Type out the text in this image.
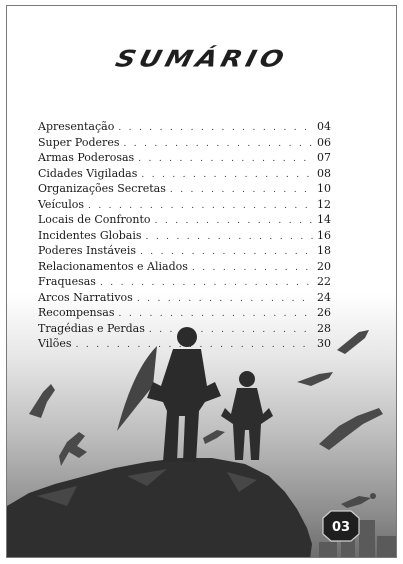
SUMÁRIO
Apresentação . . .	04
Super Poderes . . .	06
Armas Poderosas . . .	07
Cidades Vigiladas . . .	08
Organizações Secretas . . .	10
Veículos . . .	12
Locais de Confronto . . .	14
Incidentes Globais . . .	16
Poderes Instáveis . . .	18
Relacionamentos e Aliados . . .	20
Fraquesas . . .	22
Arcos Narrativos . . .	24
Recompensas . . .	26
Tragédias e Perdas . . .	28
Vilões . . .	30
03
